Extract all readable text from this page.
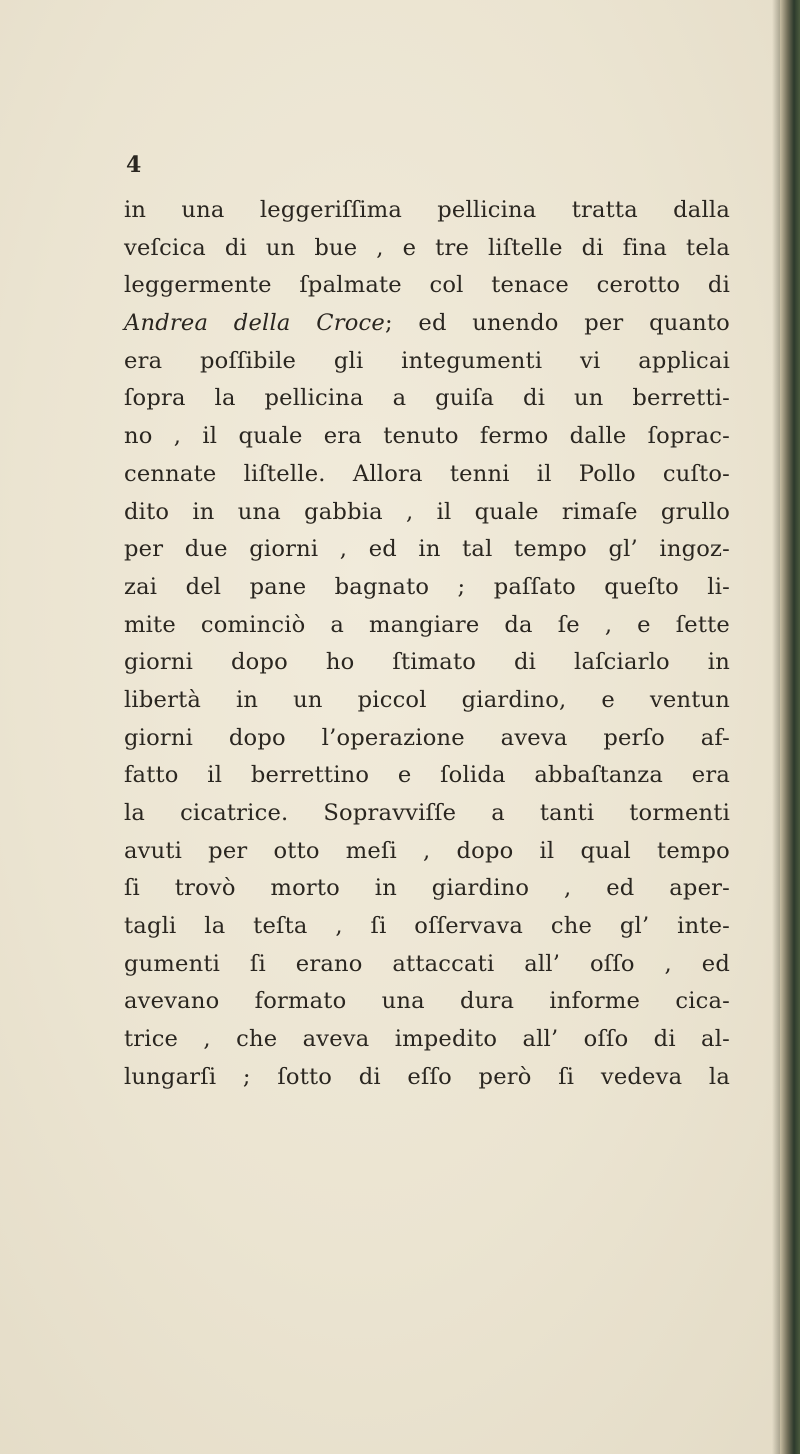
4
in una leggeriſſima pellicina tratta dalla
veſcica di un bue , e tre liſtelle di fina tela
leggermente ſpalmate col tenace cerotto di
Andrea della Croce; ed unendo per quanto
era poſſibile gli integumenti vi applicai
ſopra la pellicina a guiſa di un berretti-
no , il quale era tenuto fermo dalle ſoprac-
cennate liſtelle. Allora tenni il Pollo cuſto-
dito in una gabbia , il quale rimaſe grullo
per due giorni , ed in tal tempo gl’ ingoz-
zai del pane bagnato ; paſſato queſto li-
mite cominciò a mangiare da ſe , e ſette
giorni dopo ho ſtimato di laſciarlo in
libertà in un piccol giardino, e ventun
giorni dopo l’operazione aveva perſo af-
fatto il berrettino e ſolida abbaſtanza era
la cicatrice. Sopravviſſe a tanti tormenti
avuti per otto meſi , dopo il qual tempo
ſi trovò morto in giardino , ed aper-
tagli la teſta , ſi oſſervava che gl’ inte-
gumenti ſi erano attaccati all’ oſſo , ed
avevano formato una dura informe cica-
trice , che aveva impedito all’ oſſo di al-
lungarſi ; ſotto di eſſo però ſi vedeva la
